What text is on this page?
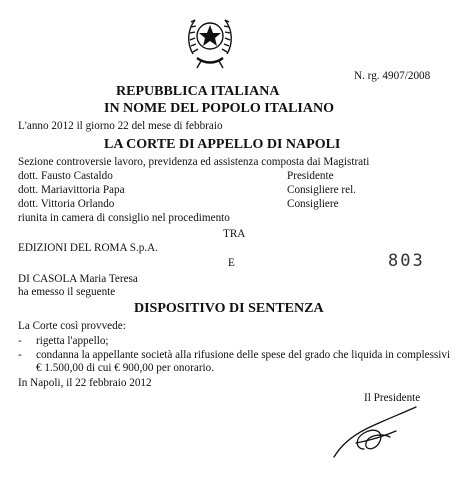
N. rg. 4907/2008
REPUBBLICA ITALIANA
IN NOME DEL POPOLO ITALIANO
L'anno 2012 il giorno 22 del mese di febbraio
LA CORTE DI APPELLO DI NAPOLI
Sezione controversie lavoro, previdenza ed assistenza composta dai Magistrati
dott. Fausto Castaldo	Presidente
dott. Mariavittoria Papa	Consigliere rel.
dott. Vittoria Orlando	Consigliere
riunita in camera di consiglio nel procedimento
TRA
EDIZIONI DEL ROMA S.p.A.
E	803
DI CASOLA Maria Teresa
ha emesso il seguente
DISPOSITIVO DI SENTENZA
La Corte così provvede:
- rigetta l'appello;
- condanna la appellante società alla rifusione delle spese del grado che liquida in complessivi € 1.500,00 di cui € 900,00 per onorario.
In Napoli, il 22 febbraio 2012
Il Presidente
